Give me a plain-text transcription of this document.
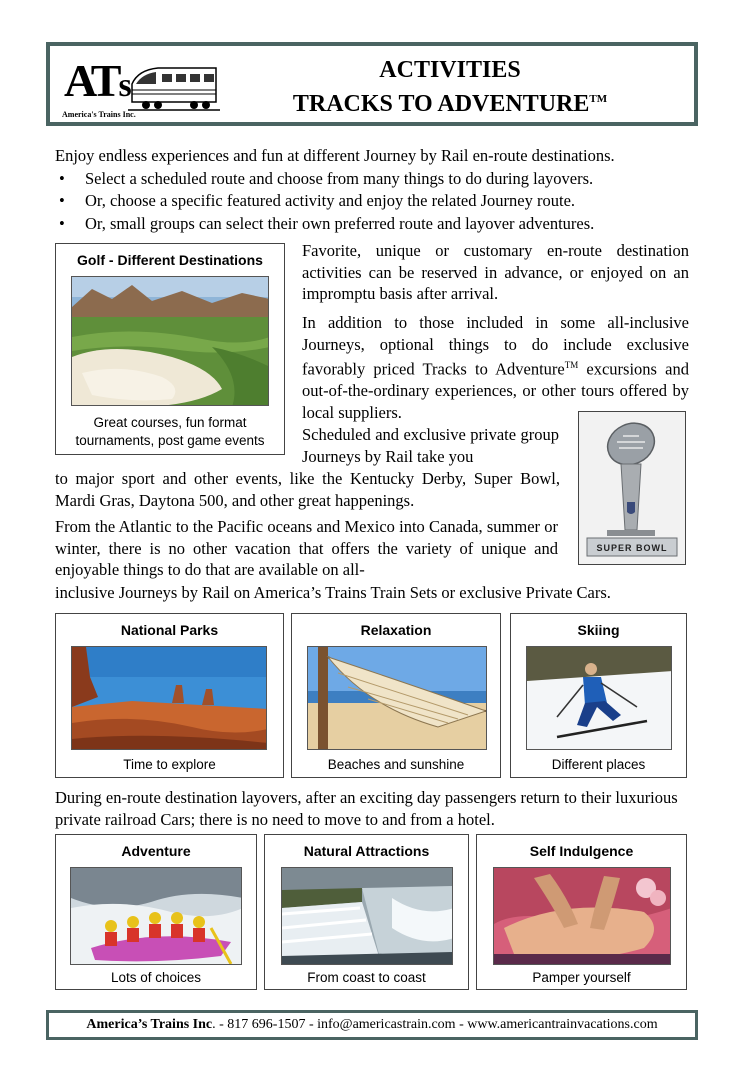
ATs
America's Trains Inc.
ACTIVITIES
TRACKS TO ADVENTURE™
Enjoy endless experiences and fun at different Journey by Rail en-route destinations.
• Select a scheduled route and choose from many things to do during layovers.
• Or, choose a specific featured activity and enjoy the related Journey route.
• Or, small groups can select their own preferred route and layover adventures.
Golf - Different Destinations
Great courses, fun format
tournaments, post game events
Favorite, unique or customary en-route destination activities can be reserved in advance, or enjoyed on an impromptu basis after arrival.
In addition to those included in some all-inclusive Journeys, optional things to do include exclusive favorably priced Tracks to Adventure™ excursions and out-of-the-ordinary experiences, or other tours offered by local suppliers.
Scheduled and exclusive private group Journeys by Rail take you
to major sport and other events, like the Kentucky Derby, Super Bowl, Mardi Gras, Daytona 500, and other great happenings.
SUPER BOWL
From the Atlantic to the Pacific oceans and Mexico into Canada, summer or winter, there is no other vacation that offers the variety of unique and enjoyable things to do that are available on all-
inclusive Journeys by Rail on America’s Trains Train Sets or exclusive Private Cars.
National Parks
Time to explore
Relaxation
Beaches and sunshine
Skiing
Different places
During en-route destination layovers, after an exciting day passengers return to their luxurious private railroad Cars; there is no need to move to and from a hotel.
Adventure
Lots of choices
Natural Attractions
From coast to coast
Self Indulgence
Pamper yourself
America’s Trains Inc. - 817 696-1507 - info@americastrain.com - www.americantrainvacations.com
